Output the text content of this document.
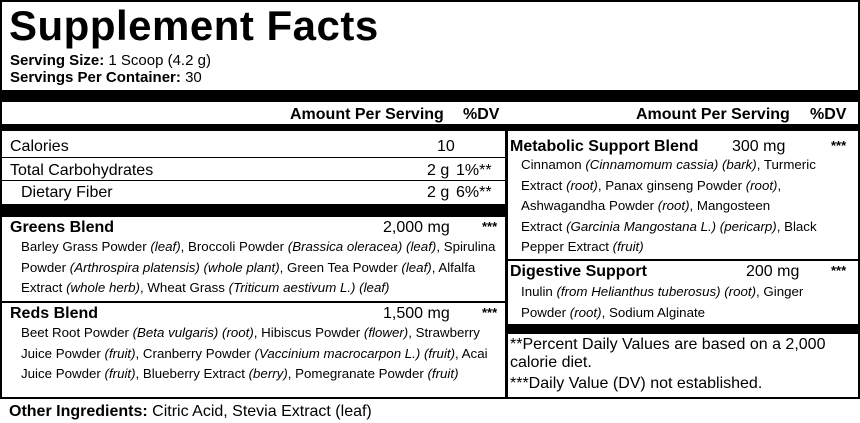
Supplement Facts
Serving Size: 1 Scoop (4.2 g)
Servings Per Container: 30
Amount Per Serving %DV	Amount Per Serving %DV
Calories	10
Total Carbohydrates	2 g 1%**
Dietary Fiber	2 g 6%**
Greens Blend	2,000 mg ***
Barley Grass Powder (leaf), Broccoli Powder (Brassica oleracea) (leaf), Spirulina
Powder (Arthrospira platensis) (whole plant), Green Tea Powder (leaf), Alfalfa
Extract (whole herb), Wheat Grass (Triticum aestivum L.) (leaf)
Reds Blend	1,500 mg ***
Beet Root Powder (Beta vulgaris) (root), Hibiscus Powder (flower), Strawberry
Juice Powder (fruit), Cranberry Powder (Vaccinium macrocarpon L.) (fruit), Acai
Juice Powder (fruit), Blueberry Extract (berry), Pomegranate Powder (fruit)
Metabolic Support Blend 300 mg	***
Cinnamon (Cinnamomum cassia) (bark), Turmeric
Extract (root), Panax ginseng Powder (root),
Ashwagandha Powder (root), Mangosteen
Extract (Garcinia Mangostana L.) (pericarp), Black
Pepper Extract (fruit)
Digestive Support	200 mg ***
Inulin (from Helianthus tuberosus) (root), Ginger
Powder (root), Sodium Alginate
**Percent Daily Values are based on a 2,000
calorie diet.
***Daily Value (DV) not established.
Other Ingredients: Citric Acid, Stevia Extract (leaf)
